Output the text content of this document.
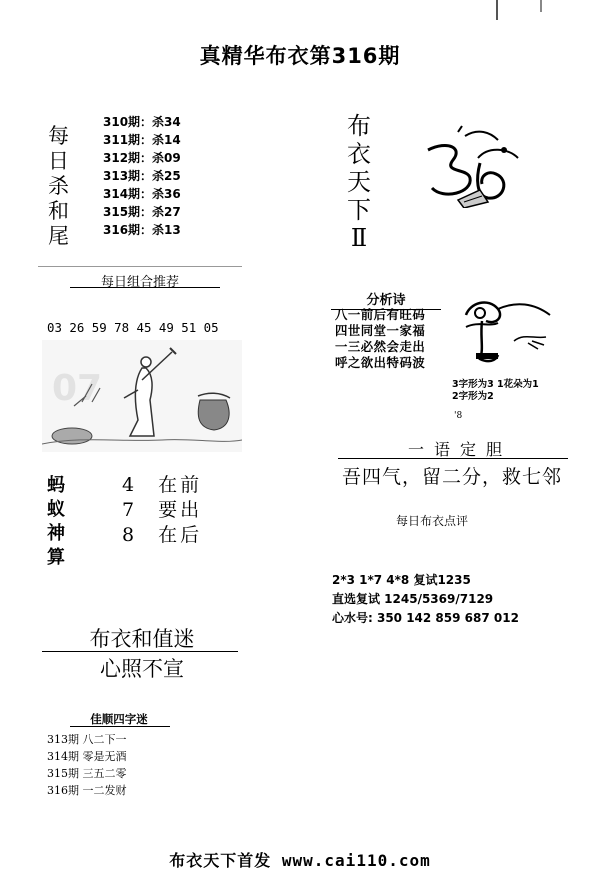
真精华布衣第316期
每
日
杀
和
尾
310期：杀34
311期：杀14
312期：杀09
313期：杀25
314期：杀36
315期：杀27
316期：杀13
布
衣
天
下
Ⅱ
每日组合推荐

03 26 59 78 45 49 51 05

07
分析诗
八一前后有旺码
四世同堂一家福
一三必然会走出
呼之欲出特码波
3字形为3 1花朵为1
2字形为2
'8
一语定胆
吾四气，留二分，救七邻
每日布衣点评
2*3 1*7 4*8 复试1235
直选复试 1245/5369/7129
心水号: 350 142 859 687 012
蚂
蚁
神
算
4 在前
7 要出
8 在后
布衣和值迷
心照不宣
佳顺四字迷
313期 八二下一
314期 零是无酒
315期 三五二零
316期 一二发财
布衣天下首发 www.cai110.com
